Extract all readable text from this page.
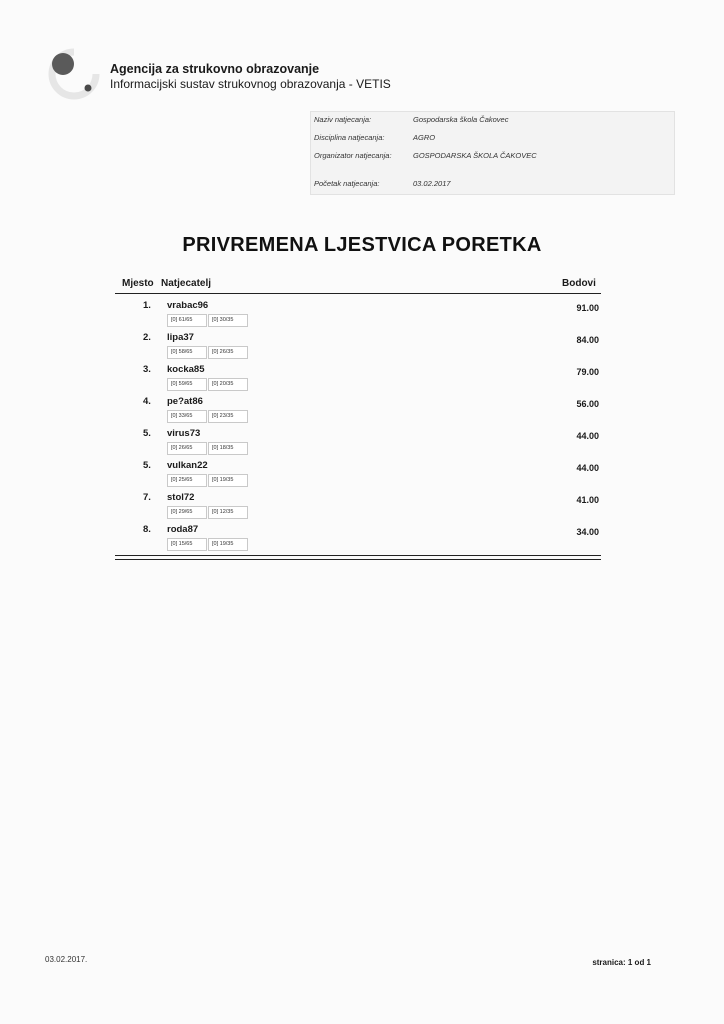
Agencija za strukovno obrazovanje
Informacijski sustav strukovnog obrazovanja - VETIS
Naziv natjecanja:	Gospodarska škola Čakovec
Disciplina natjecanja:	AGRO
Organizator natjecanja:	GOSPODARSKA ŠKOLA ČAKOVEC
Početak natjecanja:	03.02.2017
PRIVREMENA LJESTVICA PORETKA
Mjesto Natjecatelj	Bodovi
1. vrabac96	91.00
[0] 61/65	[0] 30/35
2. lipa37	84.00
[0] 58/65	[0] 26/35
3. kocka85	79.00
[0] 59/65	[0] 20/35
4. pe?at86	56.00
[0] 33/65	[0] 23/35
5. virus73	44.00
[0] 26/65	[0] 18/35
5. vulkan22	44.00
[0] 25/65	[0] 19/35
7. stol72	41.00
[0] 29/65	[0] 12/35
8. roda87	34.00
[0] 15/65	[0] 19/35
03.02.2017.	stranica: 1 od 1
